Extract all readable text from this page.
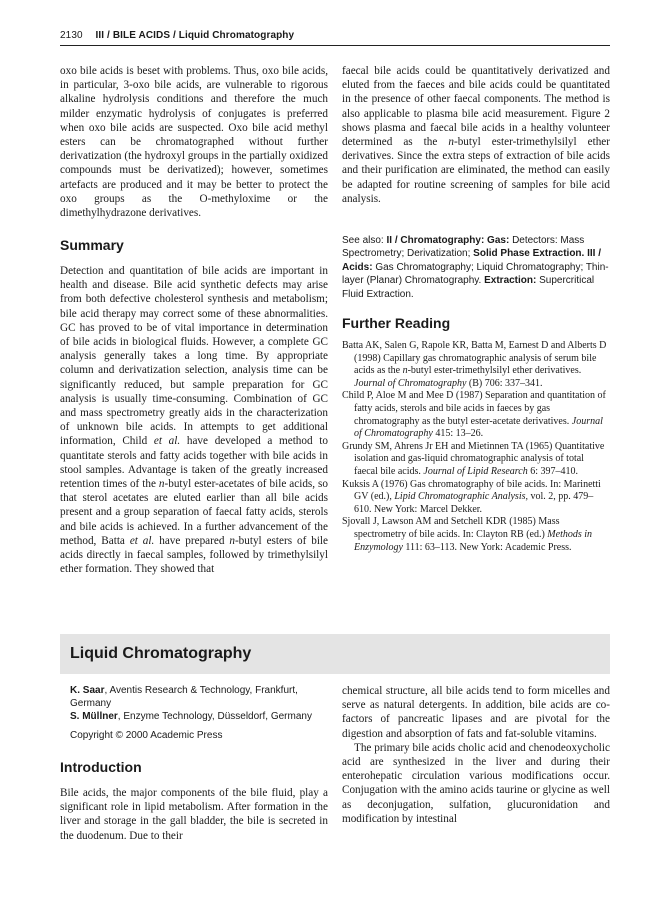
2130 III / BILE ACIDS / Liquid Chromatography

oxo bile acids is beset with problems. Thus, oxo bile acids, in particular, 3-oxo bile acids, are vulnerable to rigorous alkaline hydrolysis conditions and therefore the much milder enzymatic hydrolysis of conjugates is preferred when oxo bile acids are suspected. Oxo bile acid methyl esters can be chromatographed without further derivatization (the hydroxyl groups in the partially oxidized compounds must be derivatized); however, sometimes artefacts are produced and it may be better to protect the oxo groups as the O-methyloxime or the dimethylhydrazone derivatives.

Summary

Detection and quantitation of bile acids are important in health and disease. Bile acid synthetic defects may arise from both defective cholesterol synthesis and metabolism; bile acid therapy may correct some of these abnormalities. GC has proved to be of vital importance in determination of bile acids in biological fluids. However, a complete GC analysis generally takes a long time. By appropriate column and derivatization selection, analysis time can be significantly reduced, but sample preparation for GC analysis is usually time-consuming. Combination of GC and mass spectrometry greatly aids in the characterization of unknown bile acids. In attempts to get additional information, Child et al. have developed a method to quantitate sterols and fatty acids together with bile acids in stool samples. Advantage is taken of the greatly increased retention times of the n-butyl ester-acetates of bile acids, so that sterol acetates are eluted earlier than all bile acids present and a group separation of faecal fatty acids, sterols and bile acids is achieved. In a further advancement of the method, Batta et al. have prepared n-butyl esters of bile acids directly in faecal samples, followed by trimethylsilyl ether formation. They showed that

faecal bile acids could be quantitatively derivatized and eluted from the faeces and bile acids could be quantitated in the presence of other faecal components. The method is also applicable to plasma bile acid measurement. Figure 2 shows plasma and faecal bile acids in a healthy volunteer determined as the n-butyl ester-trimethylsilyl ether derivatives. Since the extra steps of extraction of bile acids and their purification are eliminated, the method can easily be adapted for routine screening of samples for bile acid analysis.

See also: II / Chromatography: Gas: Detectors: Mass Spectrometry; Derivatization; Solid Phase Extraction. III / Acids: Gas Chromatography; Liquid Chromatography; Thin-layer (Planar) Chromatography. Extraction: Supercritical Fluid Extraction.
Further Reading

Batta AK, Salen G, Rapole KR, Batta M, Earnest D and Alberts D (1998) Capillary gas chromatographic analysis of serum bile acids as the n-butyl ester-trimethylsilyl ether derivatives. Journal of Chromatography (B) 706: 337–341.

Child P, Aloe M and Mee D (1987) Separation and quantitation of fatty acids, sterols and bile acids in faeces by gas chromatography as the butyl ester-acetate derivatives. Journal of Chromatography 415: 13–26.

Grundy SM, Ahrens Jr EH and Mietinnen TA (1965) Quantitative isolation and gas-liquid chromatographic analysis of total faecal bile acids. Journal of Lipid Research 6: 397–410.

Kuksis A (1976) Gas chromatography of bile acids. In: Marinetti GV (ed.), Lipid Chromatographic Analysis, vol. 2, pp. 479–610. New York: Marcel Dekker.

Sjovall J, Lawson AM and Setchell KDR (1985) Mass spectrometry of bile acids. In: Clayton RB (ed.) Methods in Enzymology 111: 63–113. New York: Academic Press.

Liquid Chromatography
K. Saar, Aventis Research & Technology, Frankfurt, Germany
S. Müllner, Enzyme Technology, Düsseldorf, Germany
Copyright © 2000 Academic Press
Introduction

Bile acids, the major components of the bile fluid, play a significant role in lipid metabolism. After formation in the liver and storage in the gall bladder, the bile is secreted in the duodenum. Due to their

chemical structure, all bile acids tend to form micelles and serve as natural detergents. In addition, bile acids are co-factors of pancreatic lipases and are pivotal for the digestion and absorption of fats and fat-soluble vitamins.

The primary bile acids cholic acid and chenodeoxycholic acid are synthesized in the liver and during their enterohepatic circulation various modifications occur. Conjugation with the amino acids taurine or glycine as well as deconjugation, sulfation, glucuronidation and modification by intestinal
